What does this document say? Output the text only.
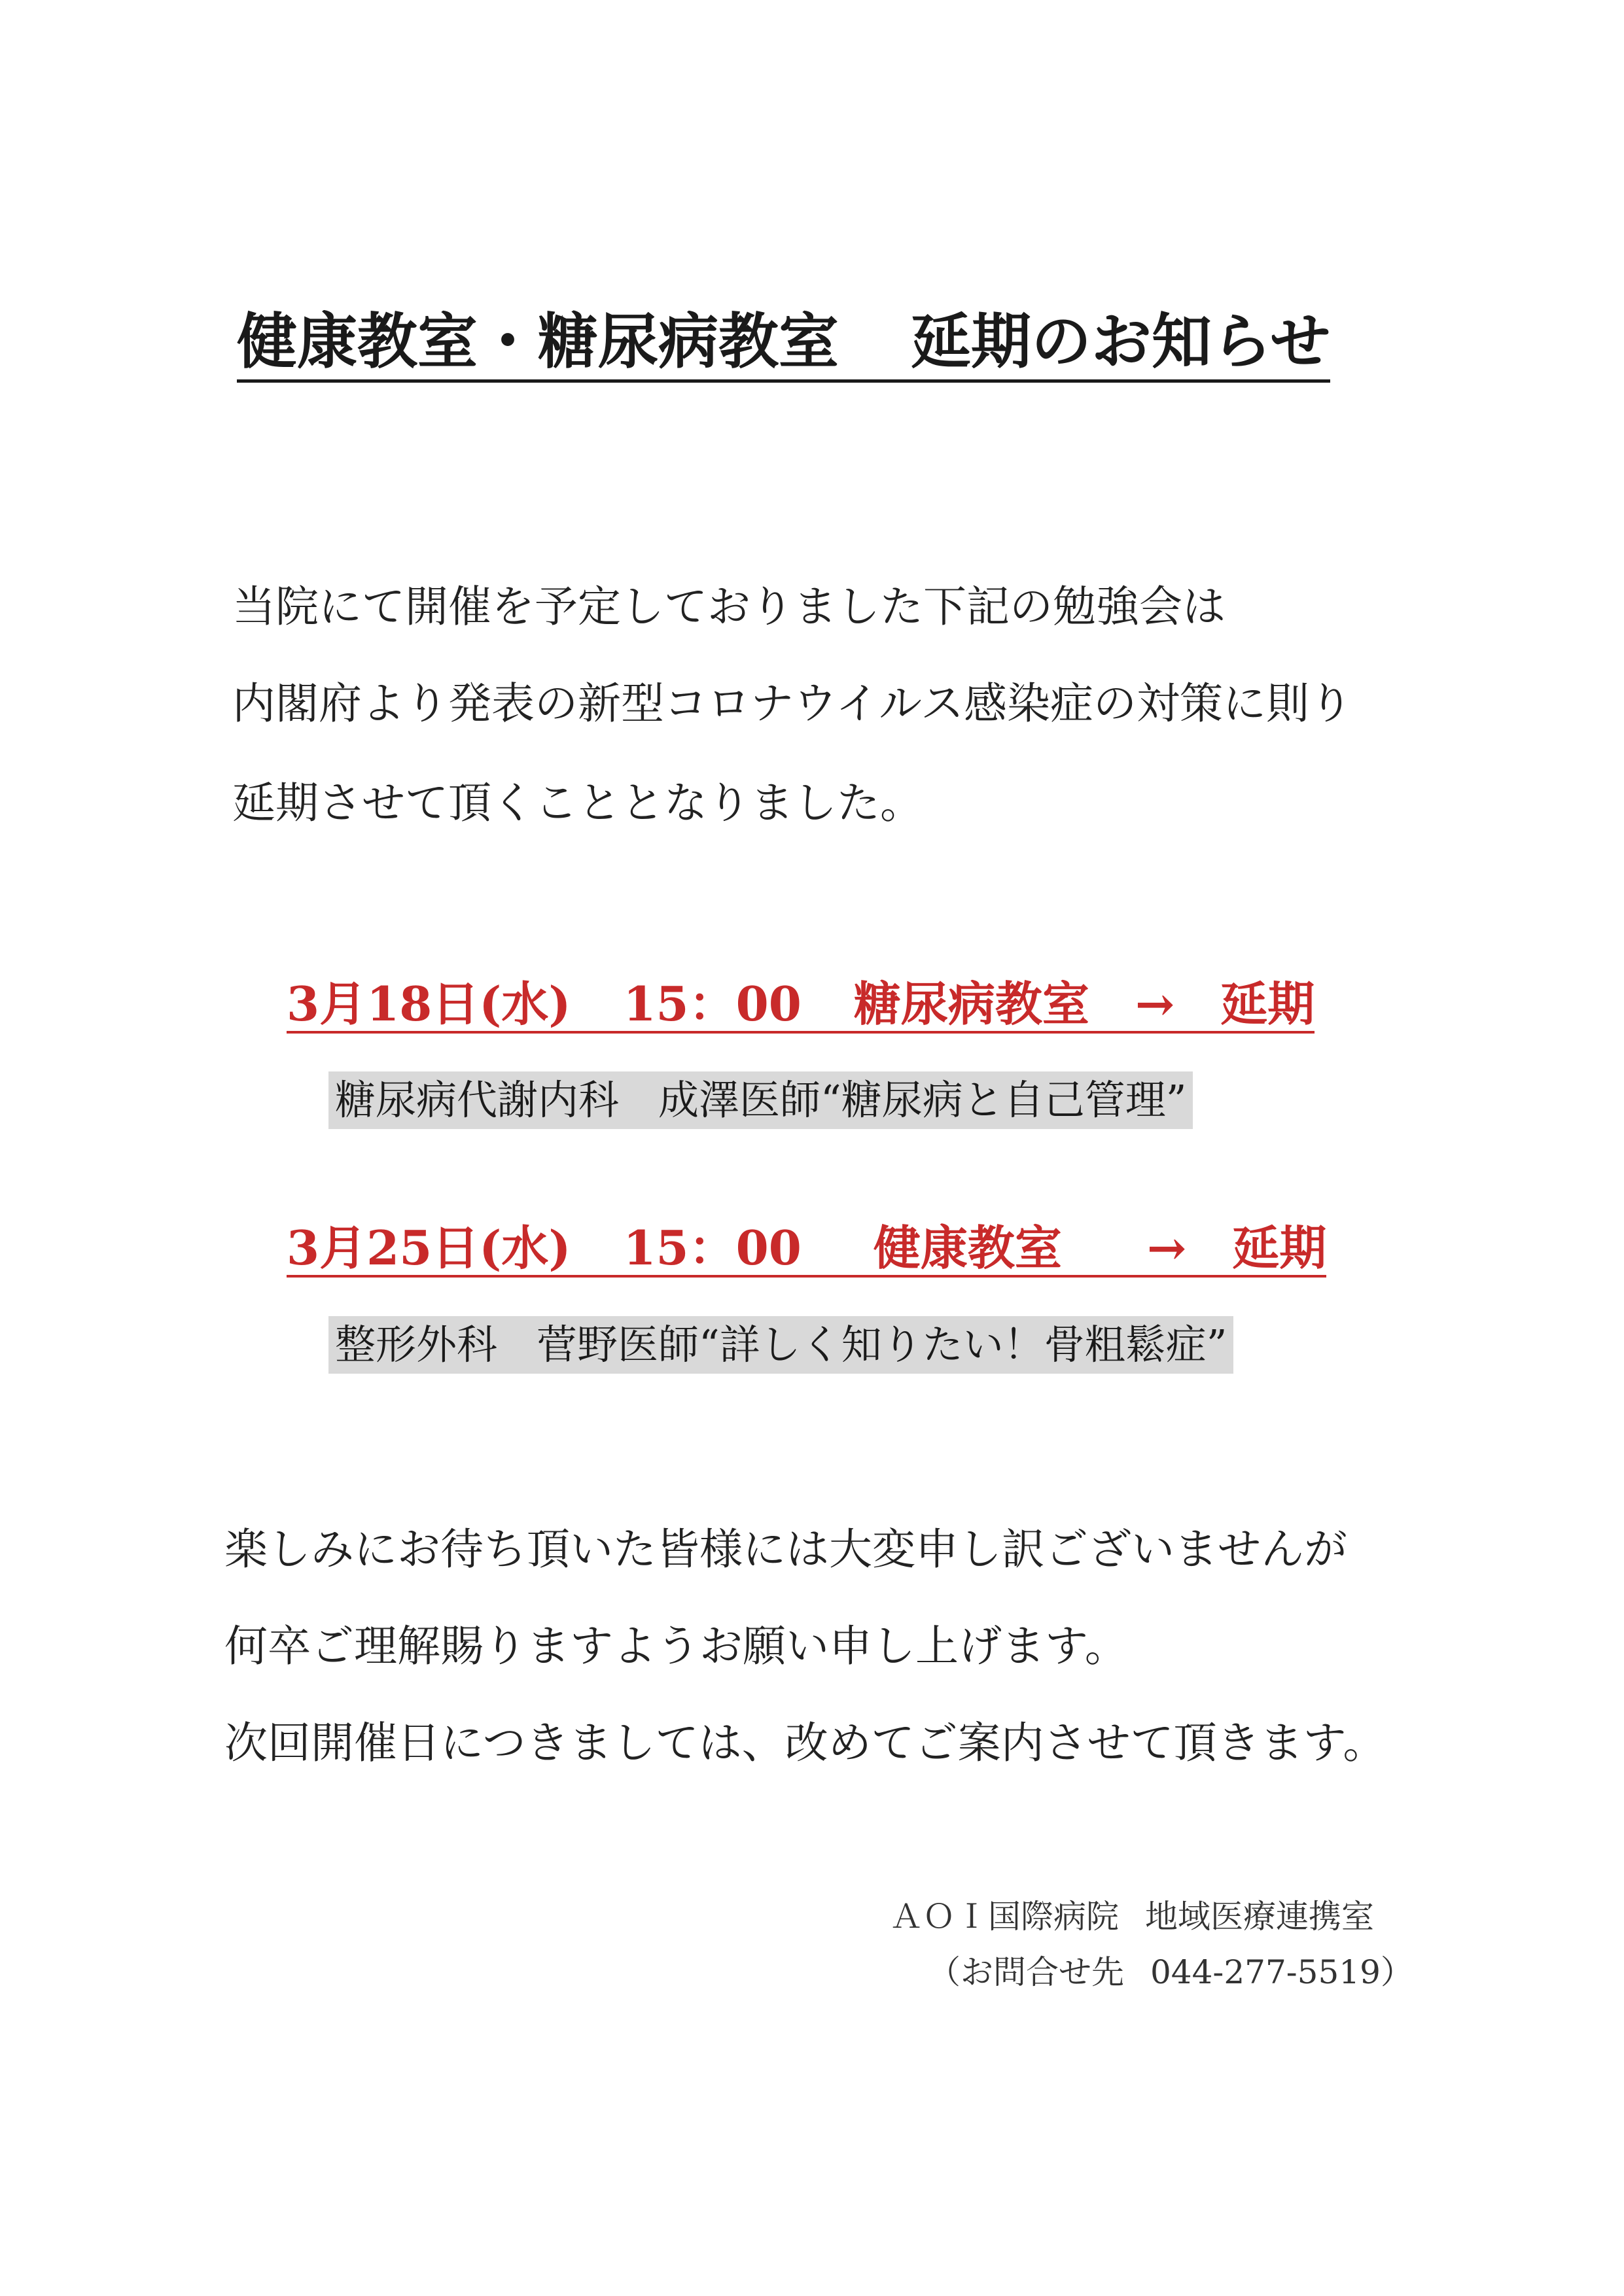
健康教室・糖尿病教室 延期のお知らせ
当院にて開催を予定しておりました下記の勉強会は
内閣府より発表の新型コロナウイルス感染症の対策に則り
延期させて頂くこととなりました。
3月18日(水) 15：00 糖尿病教室 → 延期
糖尿病代謝内科 成澤医師“糖尿病と自己管理”
3月25日(水) 15：00 健康教室 → 延期
整形外科 菅野医師“詳しく知りたい！骨粗鬆症”
楽しみにお待ち頂いた皆様には大変申し訳ございませんが
何卒ご理解賜りますようお願い申し上げます。
次回開催日につきましては、改めてご案内させて頂きます。
ＡＯＩ国際病院 地域医療連携室
（お問合せ先 044-277-5519）
